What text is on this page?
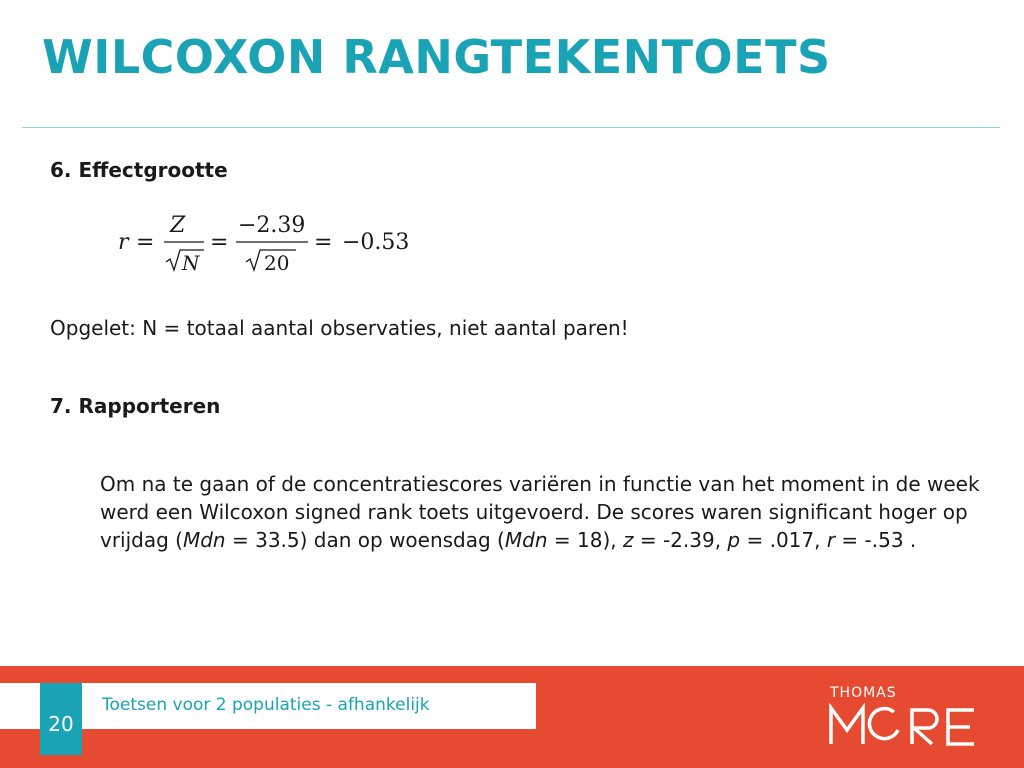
WILCOXON RANGTEKENTOETS

6. Effectgrootte

r =
Z
N
=
−2.39
20
= −0.53

Opgelet: N = totaal aantal observaties, niet aantal paren!

7. Rapporteren

Om na te gaan of de concentratiescores variëren in functie van het moment in de week werd een Wilcoxon signed rank toets uitgevoerd. De scores waren significant hoger op vrijdag (Mdn = 33.5) dan op woensdag (Mdn = 18), z = -2.39, p = .017, r = -.53 .

20
Toetsen voor 2 populaties - afhankelijk
THOMAS
